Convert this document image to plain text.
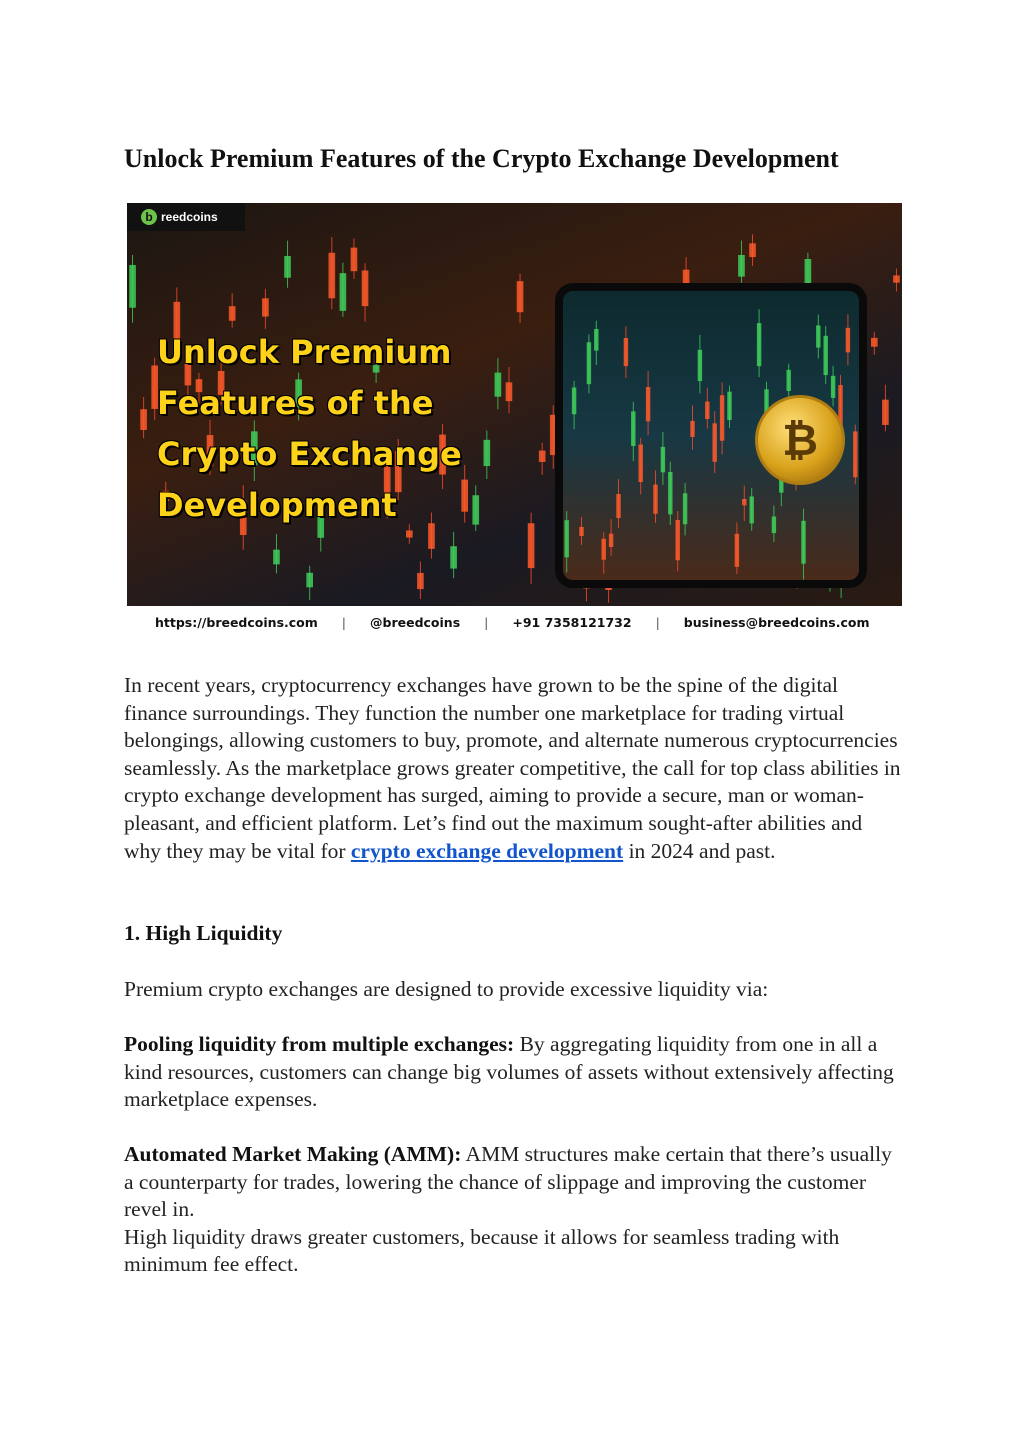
Unlock Premium Features of the Crypto Exchange Development
b reedcoins
Unlock Premium
Features of the
Crypto Exchange
Development
₿
https://breedcoins.com | @breedcoins | +91 7358121732 | business@breedcoins.com

In recent years, cryptocurrency exchanges have grown to be the spine of the digital finance surroundings. They function the number one marketplace for trading virtual belongings, allowing customers to buy, promote, and alternate numerous cryptocurrencies seamlessly. As the marketplace grows greater competitive, the call for top class abilities in crypto exchange development has surged, aiming to provide a secure, man or woman-pleasant, and efficient platform. Let’s find out the maximum sought-after abilities and why they may be vital for crypto exchange development in 2024 and past.

1. High Liquidity

Premium crypto exchanges are designed to provide excessive liquidity via:

Pooling liquidity from multiple exchanges: By aggregating liquidity from one in all a kind resources, customers can change big volumes of assets without extensively affecting marketplace expenses.

Automated Market Making (AMM): AMM structures make certain that there’s usually a counterparty for trades, lowering the chance of slippage and improving the customer revel in.
High liquidity draws greater customers, because it allows for seamless trading with minimum fee effect.
